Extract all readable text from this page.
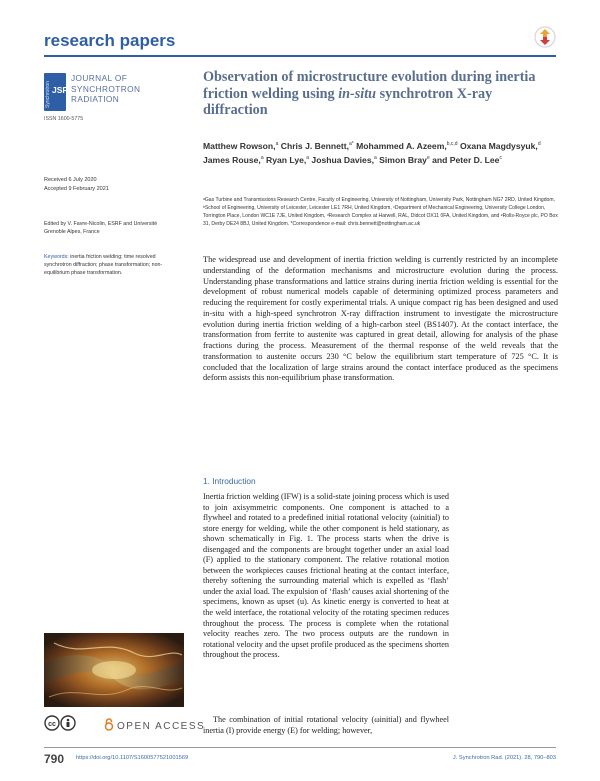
research papers
Synchrotron JSR
JOURNAL OF
SYNCHROTRON
RADIATION
ISSN 1600-5775
Observation of microstructure evolution during inertia friction welding using in-situ synchrotron X-ray diffraction
Matthew Rowson,$^a$ Chris J. Bennett,$^{a*}$ Mohammed A. Azeem,$^{b,c,d}$ Oxana Magdysyuk,$^d$ James Rouse,$^a$ Ryan Lye,$^a$ Joshua Davies,$^a$ Simon Bray$^e$ and Peter D. Lee$^c$
Received 6 July 2020
Accepted 9 February 2021
ᵃGas Turbine and Transmissions Research Centre, Faculty of Engineering, University of Nottingham, University Park, Nottingham NG7 2RD, United Kingdom, ᵇSchool of Engineering, University of Leicester, Leicester LE1 7RH, United Kingdom, ᶜDepartment of Mechanical Engineering, University College London, Torrington Place, London WC1E 7JE, United Kingdom, ᵈResearch Complex at Harwell, RAL, Didcot OX11 0FA, United Kingdom, and ᵉRolls-Royce plc, PO Box 31, Derby DE24 8BJ, United Kingdom. *Correspondence e-mail: chris.bennett@nottingham.ac.uk
Edited by V. Favre-Nicolin, ESRF and Université Grenoble Alpes, France
Keywords: inertia friction welding; time resolved synchrotron diffraction; phase transformation; non-equilibrium phase transformation.
The widespread use and development of inertia friction welding is currently restricted by an incomplete understanding of the deformation mechanisms and microstructure evolution during the process. Understanding phase transformations and lattice strains during inertia friction welding is essential for the development of robust numerical models capable of determining optimized process parameters and reducing the requirement for costly experimental trials. A unique compact rig has been designed and used in-situ with a high-speed synchrotron X-ray diffraction instrument to investigate the microstructure evolution during inertia friction welding of a high-carbon steel (BS1407). At the contact interface, the transformation from ferrite to austenite was captured in great detail, allowing for analysis of the phase fractions during the process. Measurement of the thermal response of the weld reveals that the transformation to austenite occurs 230 °C below the equilibrium start temperature of 725 °C. It is concluded that the localization of large strains around the contact interface produced as the specimens deform assists this non-equilibrium phase transformation.
1. Introduction
Inertia friction welding (IFW) is a solid-state joining process which is used to join axisymmetric components. One component is attached to a flywheel and rotated to a predefined initial rotational velocity (ωinitial) to store energy for welding, while the other component is held stationary, as shown schematically in Fig. 1. The process starts when the drive is disengaged and the components are brought together under an axial load (F) applied to the stationary component. The relative rotational motion between the workpieces causes frictional heating at the contact interface, thereby softening the surrounding material which is expelled as ‘flash’ under the axial load. The expulsion of ‘flash’ causes axial shortening of the specimens, known as upset (u). As kinetic energy is converted to heat at the weld interface, the rotational velocity of the rotating specimen reduces throughout the process. The process is complete when the rotational velocity reaches zero. The two process outputs are the rundown in rotational velocity and the upset profile produced as the specimens shorten throughout the process.
The combination of initial rotational velocity (ωinitial) and flywheel inertia (I) provide energy (E) for welding; however,
cc	OPEN ACCESS
790 https://doi.org/10.1107/S1600577521001569	J. Synchrotron Rad. (2021). 28, 790–803
